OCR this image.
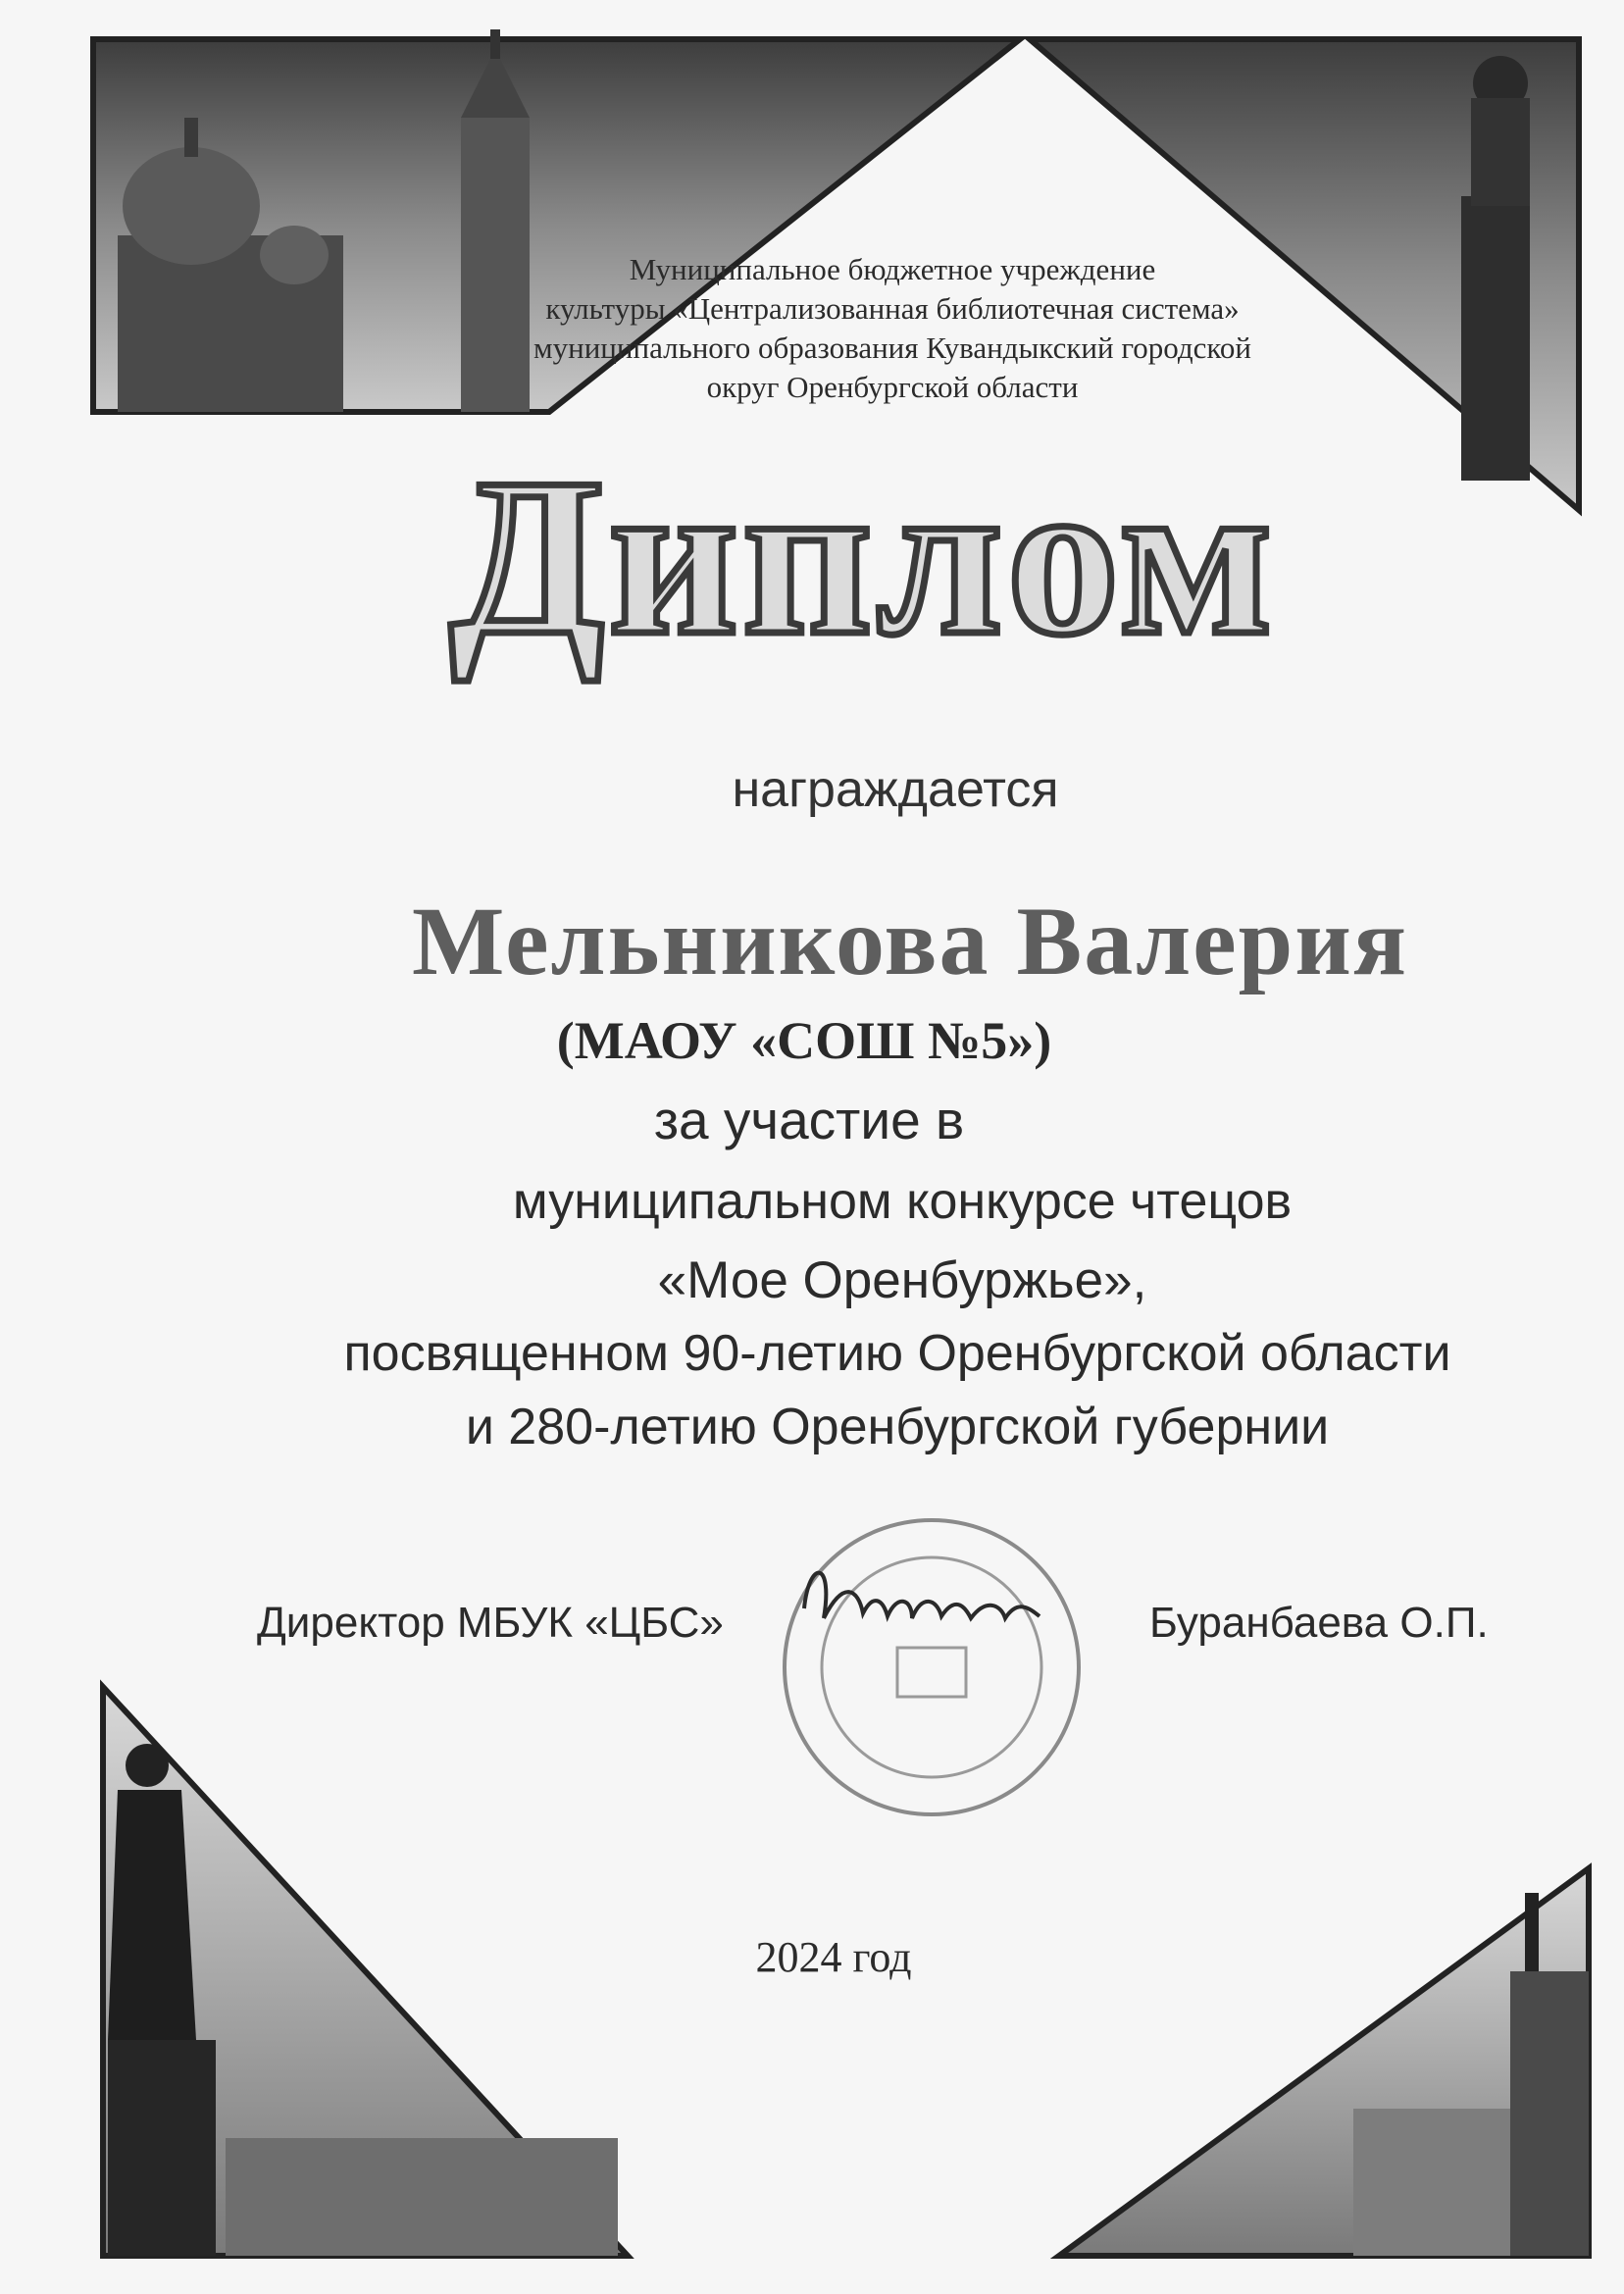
Муниципальное бюджетное учреждение
культуры «Централизованная библиотечная система»
муниципального образования Кувандыкский городской
округ Оренбургской области
Диплом
награждается
Мельникова Валерия
(МАОУ «СОШ №5»)
за участие в
муниципальном конкурсе чтецов
«Мое Оренбуржье»,
посвященном 90-летию Оренбургской области
и 280-летию Оренбургской губернии
Директор МБУК «ЦБС»	Буранбаева О.П.
2024 год
